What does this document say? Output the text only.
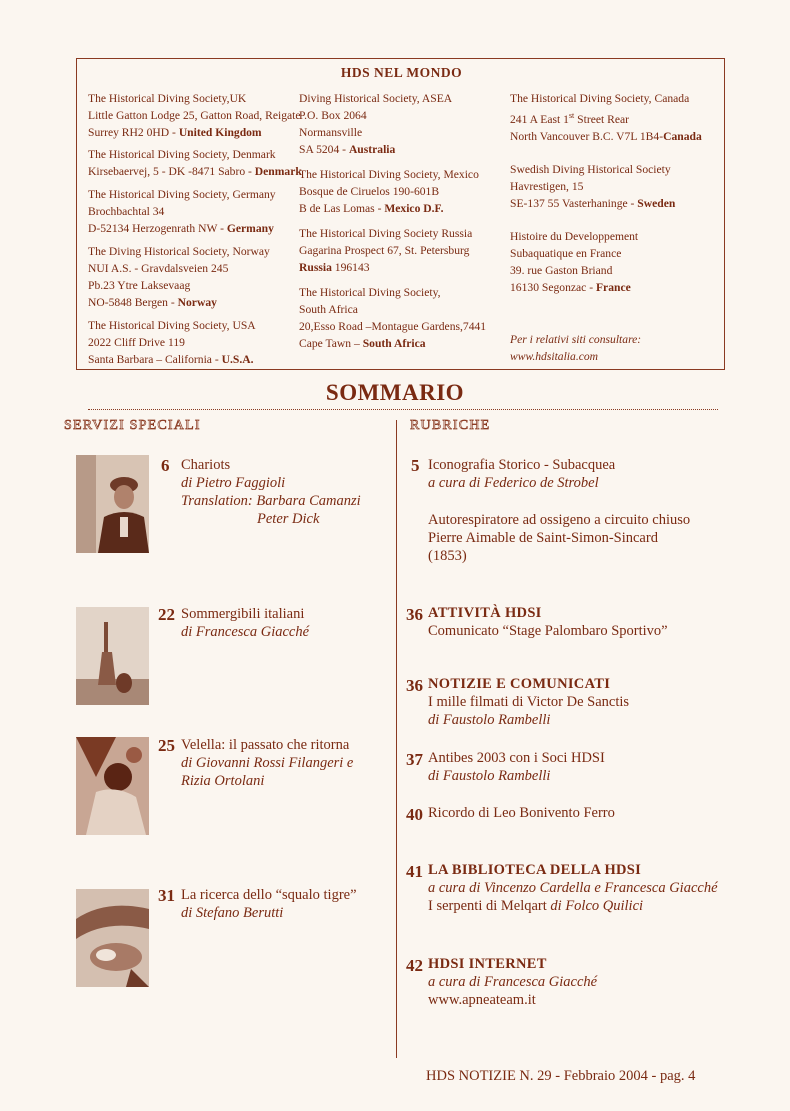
HDS NEL MONDO
The Historical Diving Society,UK
Little Gatton Lodge 25, Gatton Road, Reigate
Surrey RH2 0HD - United Kingdom
The Historical Diving Society, Denmark
Kirsebaervej, 5 - DK -8471 Sabro - Denmark
The Historical Diving Society, Germany
Brochbachtal 34
D-52134 Herzogenrath NW - Germany
The Diving Historical Society, Norway
NUI A.S. - Gravdalsveien 245
Pb.23 Ytre Laksevaag
NO-5848 Bergen - Norway
The Historical Diving Society, USA
2022 Cliff Drive 119
Santa Barbara – California - U.S.A.
Diving Historical Society, ASEA
P.O. Box 2064
Normansville
SA 5204 - Australia
The Historical Diving Society, Mexico
Bosque de Ciruelos 190-601B
B de Las Lomas - Mexico D.F.
The Historical Diving Society Russia
Gagarina Prospect 67, St. Petersburg
Russia 196143
The Historical Diving Society,
South Africa
20,Esso Road –Montague Gardens,7441
Cape Tawn – South Africa
The Historical Diving Society, Canada
241 A East 1st Street Rear
North Vancouver B.C. V7L 1B4-Canada
Swedish Diving Historical Society
Havrestigen, 15
SE-137 55 Vasterhaninge - Sweden
Histoire du Developpement
Subaquatique en France
39. rue Gaston Briand
16130 Segonzac - France
Per i relativi siti consultare:
www.hdsitalia.com
SOMMARIO
SERVIZI SPECIALI	RUBRICHE
6 Chariots
di Pietro Faggioli
Translation: Barbara Camanzi
Peter Dick
22 Sommergibili italiani
di Francesca Giacché
25 Velella: il passato che ritorna
di Giovanni Rossi Filangeri e
Rizia Ortolani
31 La ricerca dello “squalo tigre”
di Stefano Berutti
5 Iconografia Storico - Subacquea
a cura di Federico de Strobel
Autorespiratore ad ossigeno a circuito chiuso
Pierre Aimable de Saint-Simon-Sincard
(1853)
36 ATTIVITÀ HDSI
Comunicato “Stage Palombaro Sportivo”
36 NOTIZIE E COMUNICATI
I mille filmati di Victor De Sanctis
di Faustolo Rambelli
37 Antibes 2003 con i Soci HDSI
di Faustolo Rambelli
40 Ricordo di Leo Bonivento Ferro
41 LA BIBLIOTECA DELLA HDSI
a cura di Vincenzo Cardella e Francesca Giacché
I serpenti di Melqart di Folco Quilici
42 HDSI INTERNET
a cura di Francesca Giacché
www.apneateam.it
HDS NOTIZIE N. 29 - Febbraio 2004 - pag. 4
